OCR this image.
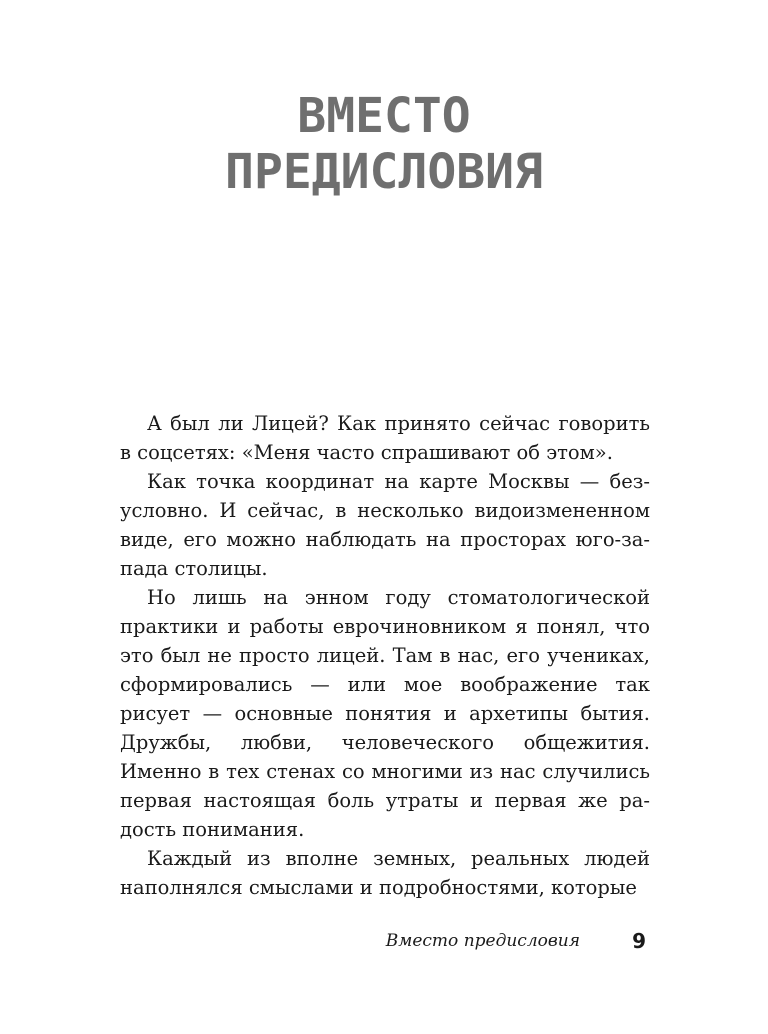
ВМЕСТО
ПРЕДИСЛОВИЯ

А был ли Лицей? Как принято сейчас говорить в соцсетях: «Меня часто спрашивают об этом».

Как точка координат на карте Москвы — безусловно. И сейчас, в несколько видоизмененном виде, его можно наблюдать на просторах юго-запада столицы.

Но лишь на энном году стоматологической практики и работы еврочиновником я понял, что это был не просто лицей. Там в нас, его учениках, сформировались — или мое воображение так рисует — основные понятия и архетипы бытия. Дружбы, любви, человеческого общежития. Именно в тех стенах со многими из нас случились первая настоящая боль утраты и первая же радость понимания.

Каждый из вполне земных, реальных людей наполнялся смыслами и подробностями, которые

Вместо предисловия	9
